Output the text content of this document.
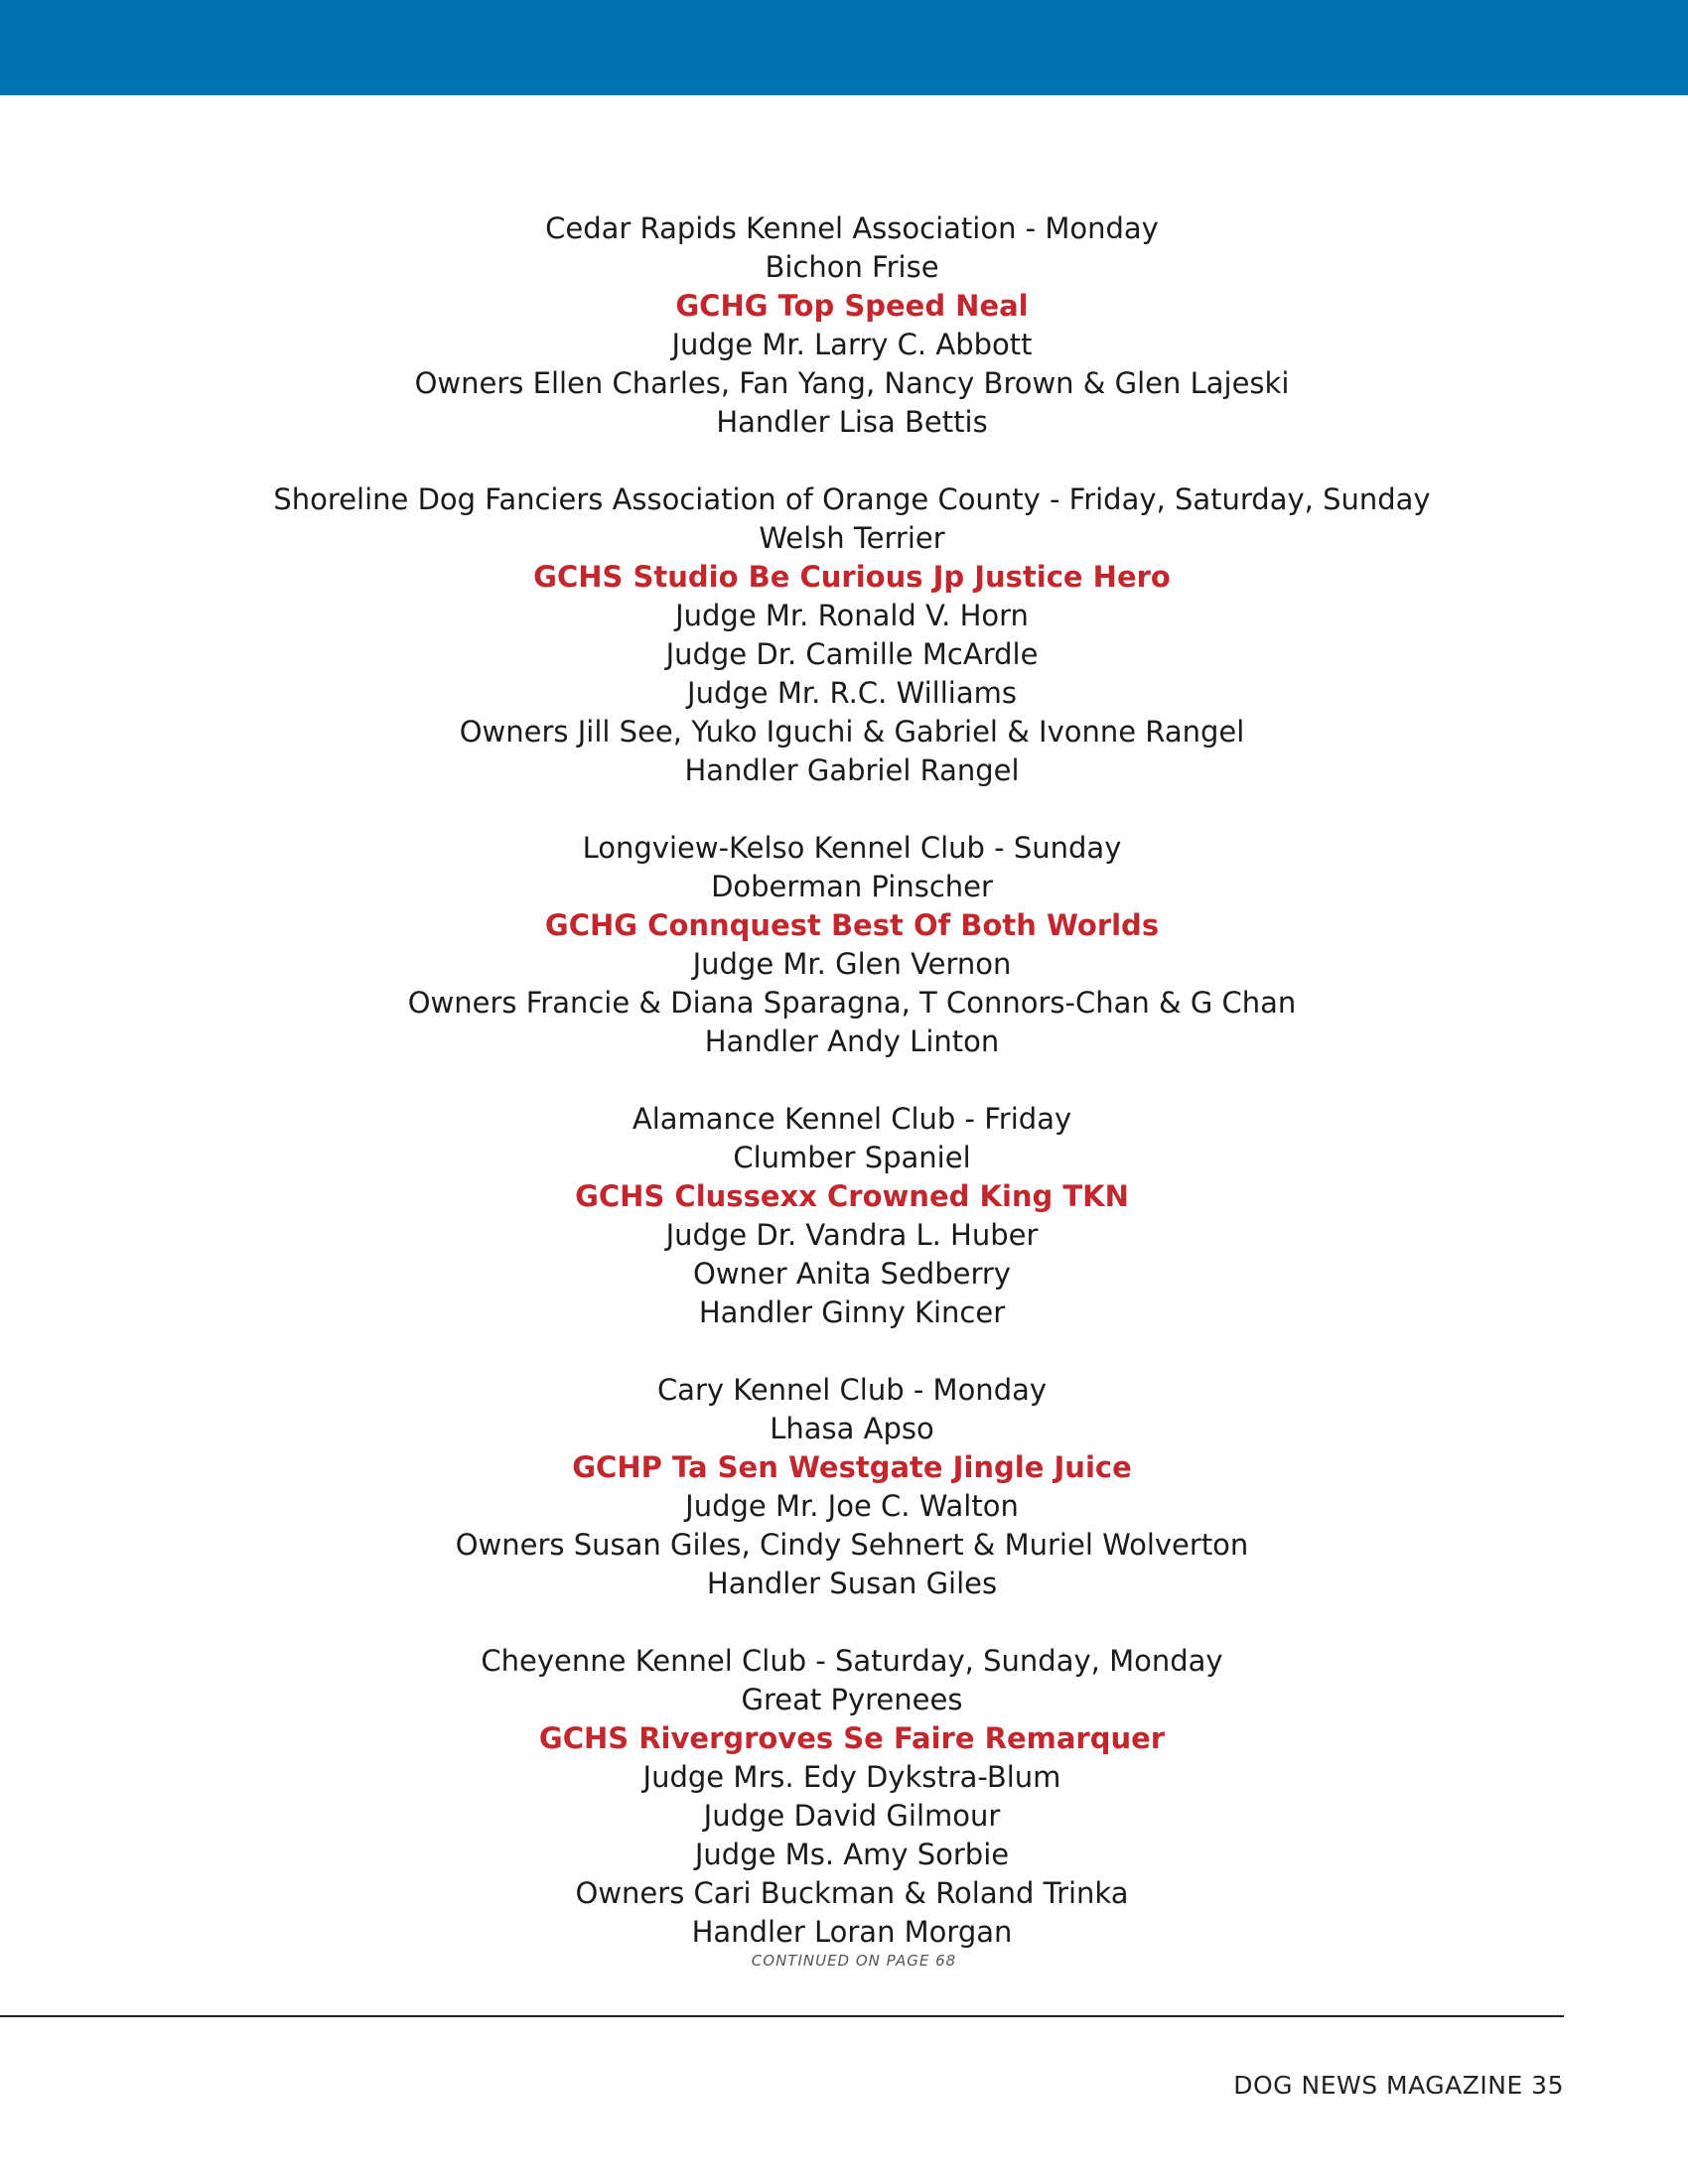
Cedar Rapids Kennel Association - Monday
Bichon Frise
GCHG Top Speed Neal
Judge Mr. Larry C. Abbott
Owners Ellen Charles, Fan Yang, Nancy Brown & Glen Lajeski
Handler Lisa Bettis
Shoreline Dog Fanciers Association of Orange County - Friday, Saturday, Sunday
Welsh Terrier
GCHS Studio Be Curious Jp Justice Hero
Judge Mr. Ronald V. Horn
Judge Dr. Camille McArdle
Judge Mr. R.C. Williams
Owners Jill See, Yuko Iguchi & Gabriel & Ivonne Rangel
Handler Gabriel Rangel
Longview-Kelso Kennel Club - Sunday
Doberman Pinscher
GCHG Connquest Best Of Both Worlds
Judge Mr. Glen Vernon
Owners Francie & Diana Sparagna, T Connors-Chan & G Chan
Handler Andy Linton
Alamance Kennel Club - Friday
Clumber Spaniel
GCHS Clussexx Crowned King TKN
Judge Dr. Vandra L. Huber
Owner Anita Sedberry
Handler Ginny Kincer
Cary Kennel Club - Monday
Lhasa Apso
GCHP Ta Sen Westgate Jingle Juice
Judge Mr. Joe C. Walton
Owners Susan Giles, Cindy Sehnert & Muriel Wolverton
Handler Susan Giles
Cheyenne Kennel Club - Saturday, Sunday, Monday
Great Pyrenees
GCHS Rivergroves Se Faire Remarquer
Judge Mrs. Edy Dykstra-Blum
Judge David Gilmour
Judge Ms. Amy Sorbie
Owners Cari Buckman & Roland Trinka
Handler Loran Morgan
CONTINUED ON PAGE 68
DOG NEWS MAGAZINE 35
